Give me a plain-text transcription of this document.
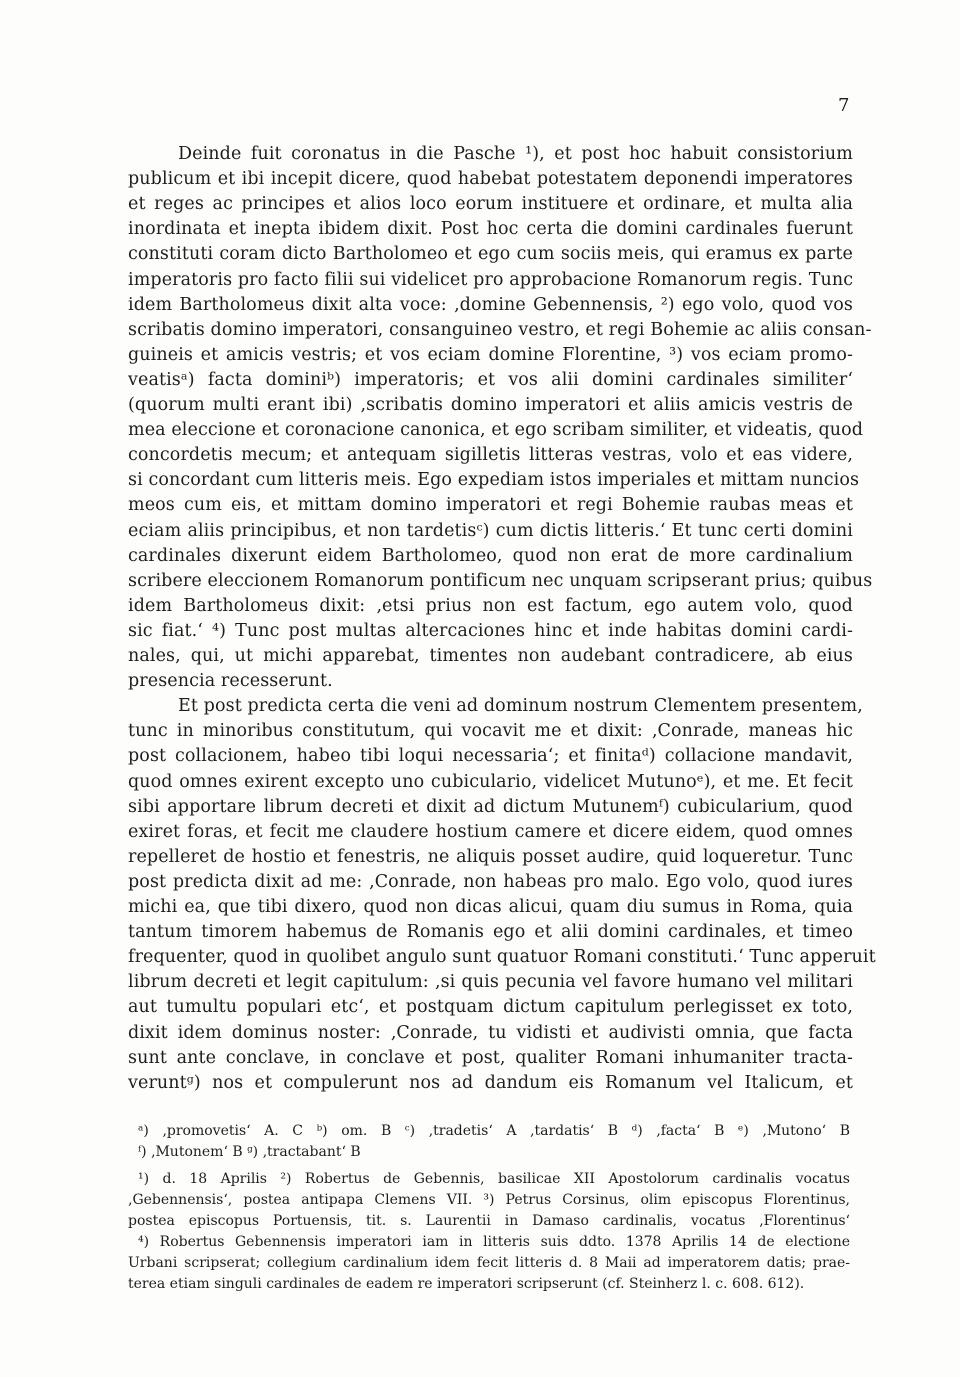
7
Deinde fuit coronatus in die Pasche ¹), et post hoc habuit consistorium
publicum et ibi incepit dicere, quod habebat potestatem deponendi imperatores
et reges ac principes et alios loco eorum instituere et ordinare, et multa alia
inordinata et inepta ibidem dixit. Post hoc certa die domini cardinales fuerunt
constituti coram dicto Bartholomeo et ego cum sociis meis, qui eramus ex parte
imperatoris pro facto filii sui videlicet pro approbacione Romanorum regis. Tunc
idem Bartholomeus dixit alta voce: ‚domine Gebennensis, ²) ego volo, quod vos
scribatis domino imperatori, consanguineo vestro, et regi Bohemie ac aliis consan-
guineis et amicis vestris; et vos eciam domine Florentine, ³) vos eciam promo-
veatisᵃ) facta dominiᵇ) imperatoris; et vos alii domini cardinales similiter‘
(quorum multi erant ibi) ‚scribatis domino imperatori et aliis amicis vestris de
mea eleccione et coronacione canonica, et ego scribam similiter, et videatis, quod
concordetis mecum; et antequam sigilletis litteras vestras, volo et eas videre,
si concordant cum litteris meis. Ego expediam istos imperiales et mittam nuncios
meos cum eis, et mittam domino imperatori et regi Bohemie raubas meas et
eciam aliis principibus, et non tardetisᶜ) cum dictis litteris.‘ Et tunc certi domini
cardinales dixerunt eidem Bartholomeo, quod non erat de more cardinalium
scribere eleccionem Romanorum pontificum nec unquam scripserant prius; quibus
idem Bartholomeus dixit: ‚etsi prius non est factum, ego autem volo, quod
sic fiat.‘ ⁴) Tunc post multas altercaciones hinc et inde habitas domini cardi-
nales, qui, ut michi apparebat, timentes non audebant contradicere, ab eius
presencia recesserunt.
Et post predicta certa die veni ad dominum nostrum Clementem presentem,
tunc in minoribus constitutum, qui vocavit me et dixit: ‚Conrade, maneas hic
post collacionem, habeo tibi loqui necessaria‘; et finitaᵈ) collacione mandavit,
quod omnes exirent excepto uno cubiculario, videlicet Mutunoᵉ), et me. Et fecit
sibi apportare librum decreti et dixit ad dictum Mutunemᶠ) cubicularium, quod
exiret foras, et fecit me claudere hostium camere et dicere eidem, quod omnes
repelleret de hostio et fenestris, ne aliquis posset audire, quid loqueretur. Tunc
post predicta dixit ad me: ‚Conrade, non habeas pro malo. Ego volo, quod iures
michi ea, que tibi dixero, quod non dicas alicui, quam diu sumus in Roma, quia
tantum timorem habemus de Romanis ego et alii domini cardinales, et timeo
frequenter, quod in quolibet angulo sunt quatuor Romani constituti.‘ Tunc apperuit
librum decreti et legit capitulum: ‚si quis pecunia vel favore humano vel militari
aut tumultu populari etc‘, et postquam dictum capitulum perlegisset ex toto,
dixit idem dominus noster: ‚Conrade, tu vidisti et audivisti omnia, que facta
sunt ante conclave, in conclave et post, qualiter Romani inhumaniter tracta-
veruntᵍ) nos et compulerunt nos ad dandum eis Romanum vel Italicum, et
ᵃ) ‚promovetis‘ A. C ᵇ) om. B ᶜ) ‚tradetis‘ A ‚tardatis‘ B ᵈ) ‚facta‘ B ᵉ) ‚Mutono‘ B
ᶠ) ‚Mutonem‘ B ᵍ) ‚tractabant‘ B
¹) d. 18 Aprilis ²) Robertus de Gebennis, basilicae XII Apostolorum cardinalis vocatus
‚Gebennensis‘, postea antipapa Clemens VII. ³) Petrus Corsinus, olim episcopus Florentinus,
postea episcopus Portuensis, tit. s. Laurentii in Damaso cardinalis, vocatus ‚Florentinus‘
⁴) Robertus Gebennensis imperatori iam in litteris suis ddto. 1378 Aprilis 14 de electione
Urbani scripserat; collegium cardinalium idem fecit litteris d. 8 Maii ad imperatorem datis; prae-
terea etiam singuli cardinales de eadem re imperatori scripserunt (cf. Steinherz l. c. 608. 612).
